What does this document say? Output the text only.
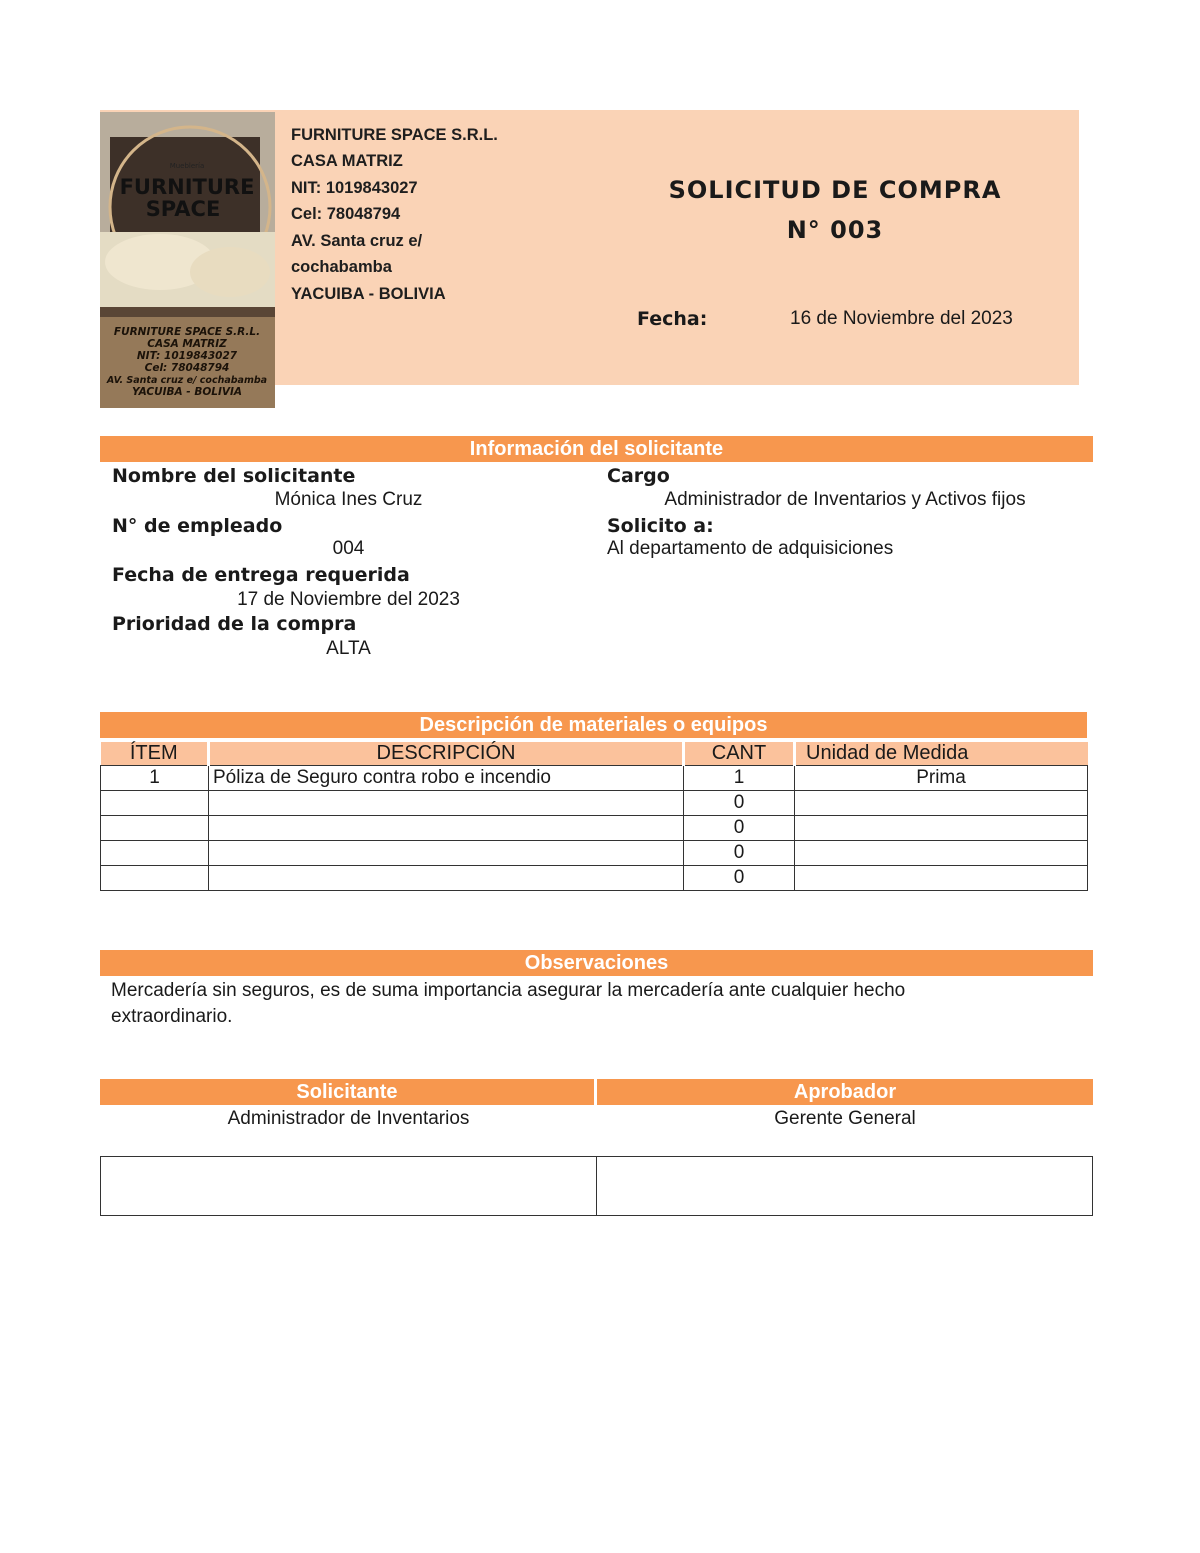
Mueblería
FURNITURE
SPACE
FURNITURE SPACE S.R.L.
CASA MATRIZ
NIT: 1019843027
Cel: 78048794
AV. Santa cruz e/ cochabamba
YACUIBA - BOLIVIA
FURNITURE SPACE S.R.L.
CASA MATRIZ
NIT: 1019843027
Cel: 78048794
AV. Santa cruz e/
cochabamba
YACUIBA - BOLIVIA
SOLICITUD DE COMPRA
N° 003
Fecha:	16 de Noviembre del 2023
Información del solicitante
Nombre del solicitante
Mónica Ines Cruz
N° de empleado
004
Fecha de entrega requerida
17 de Noviembre del 2023
Prioridad de la compra
ALTA
Cargo
Administrador de Inventarios y Activos fijos
Solicito a:
Al departamento de adquisiciones
Descripción de materiales o equipos
ÍTEM	DESCRIPCIÓN	CANT	Unidad de Medida
1	Póliza de Seguro contra robo e incendio	1	Prima
		0	
		0	
		0	
		0	
Observaciones
Mercadería sin seguros, es de suma importancia asegurar la mercadería ante cualquier hecho
extraordinario.
Solicitante	Aprobador
Administrador de Inventarios	Gerente General
